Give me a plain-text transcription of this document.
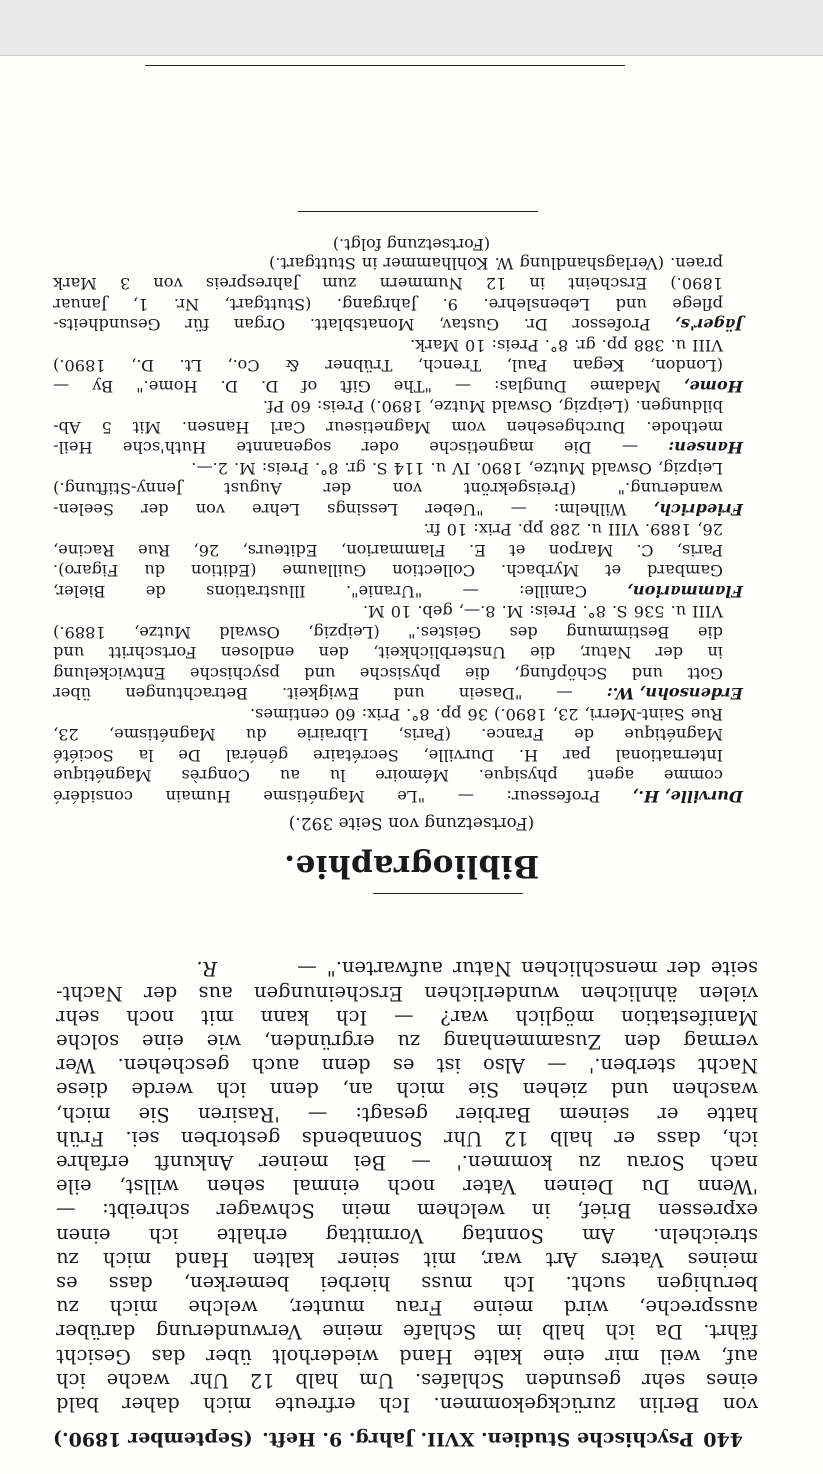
440
Psychische Studien. XVII. Jahrg. 9. Heft.
(September 1890.)
von
Berlin
zurückgekommen.
Ich
erfreute
mich
daher
bald
eines
sehr
gesunden
Schlafes.
Um
halb
12
Uhr
wache
ich
auf,
weil
mir
eine
kalte
Hand
wiederholt
über
das
Gesicht
fährt.
Da
ich
halb
im
Schlafe
meine
Verwunderung
darüber
ausspreche,
wird
meine
Frau
munter,
welche
mich
zu
beruhigen
sucht.
Ich
muss
hierbei
bemerken,
dass
es
meines
Vaters
Art
war,
mit
seiner
kalten
Hand
mich
zu
streicheln.
Am
Sonntag
Vormittag
erhalte
ich
einen
expressen
Brief,
in
welchem
mein
Schwager
schreibt:
—
'Wenn
Du
Deinen
Vater
noch
einmal
sehen
willst,
eile
nach
Sorau
zu
kommen.'
—
Bei
meiner
Ankunft
erfahre
ich,
dass
er
halb
12
Uhr
Sonnabends
gestorben
sei.
Früh
hatte
er
seinem
Barbier
gesagt:
—
'Rasiren
Sie
mich,
waschen
und
ziehen
Sie
mich
an,
denn
ich
werde
diese
Nacht
sterben.'
—
Also
ist
es
denn
auch
geschehen.
Wer
vermag
den
Zusammenhang
zu
ergründen,
wie
eine
solche
Manifestation
möglich
war?
—
Ich
kann
mit
noch
sehr
vielen
ähnlichen
wunderlichen
Erscheinungen
aus
der
Nacht-
seite
der
menschlichen
Natur
aufwarten."
—
R.
Bibliographie.
(Fortsetzung von Seite 392.)
Durville, H.,
Professeur:
—
"Le
Magnétisme
Humain
considéré
comme
agent
physique.
Mémoire
lu
au
Congrès
Magnétique
International
par
H.
Durville,
Secrétaire
général
De
la
Société
Magnétique
de
France.
(Paris,
Librairie
du
Magnétisme,
23,
Rue
Saint-Merri,
23,
1890.)
36
pp.
8°.
Prix:
60
centimes.
Erdensohn, W.:
—
"Dasein
und
Ewigkeit.
Betrachtungen
über
Gott
und
Schöpfung,
die
physische
und
psychische
Entwickelung
in
der
Natur,
die
Unsterblichkeit,
den
endlosen
Fortschritt
und
die
Bestimmung
des
Geistes."
(Leipzig,
Oswald
Mutze,
1889.)
VIII
u.
536
S.
8°.
Preis:
M.
8.—,
geb.
10
M.
Flammarion,
Camille:
—
"Uranie".
Illustrations
de
Bieler,
Gambard
et
Myrbach.
Collection
Guillaume
(Edition
du
Figaro).
Paris,
C.
Marpon
et
E.
Flammarion,
Editeurs,
26,
Rue
Racine,
26,
1889.
VIII
u.
288
pp.
Prix:
10
fr.
Friedrich,
Wilhelm:
—
"Ueber
Lessings
Lehre
von
der
Seelen-
wanderung."
(Preisgekrönt
von
der
August
Jenny-Stiftung.)
Leipzig,
Oswald
Mutze,
1890.
IV
u.
114
S.
gr.
8°.
Preis:
M.
2.—.
Hansen:
—
Die
magnetische
oder
sogenannte
Huth'sche
Heil-
methode.
Durchgesehen
vom
Magnetiseur
Carl
Hansen.
Mit
5
Ab-
bildungen.
(Leipzig,
Oswald
Mutze,
1890.)
Preis:
60
Pf.
Home,
Madame
Dunglas:
—
"The
Gift
of
D.
D.
Home."
By
—
(London,
Kegan
Paul,
Trench,
Trübner
&
Co.,
Lt.
D.,
1890.)
VIII
u.
388
pp.
gr.
8°.
Preis:
10
Mark.
Jäger's,
Professor
Dr.
Gustav,
Monatsblatt.
Organ
für
Gesundheits-
pflege
und
Lebenslehre.
9.
Jahrgang.
(Stuttgart,
Nr.
1,
Januar
1890.)
Erscheint
in
12
Nummern
zum
Jahrespreis
von
3
Mark
praen.
(Verlagshandlung
W.
Kohlhammer
in
Stuttgart.)
(Fortsetzung folgt.)
